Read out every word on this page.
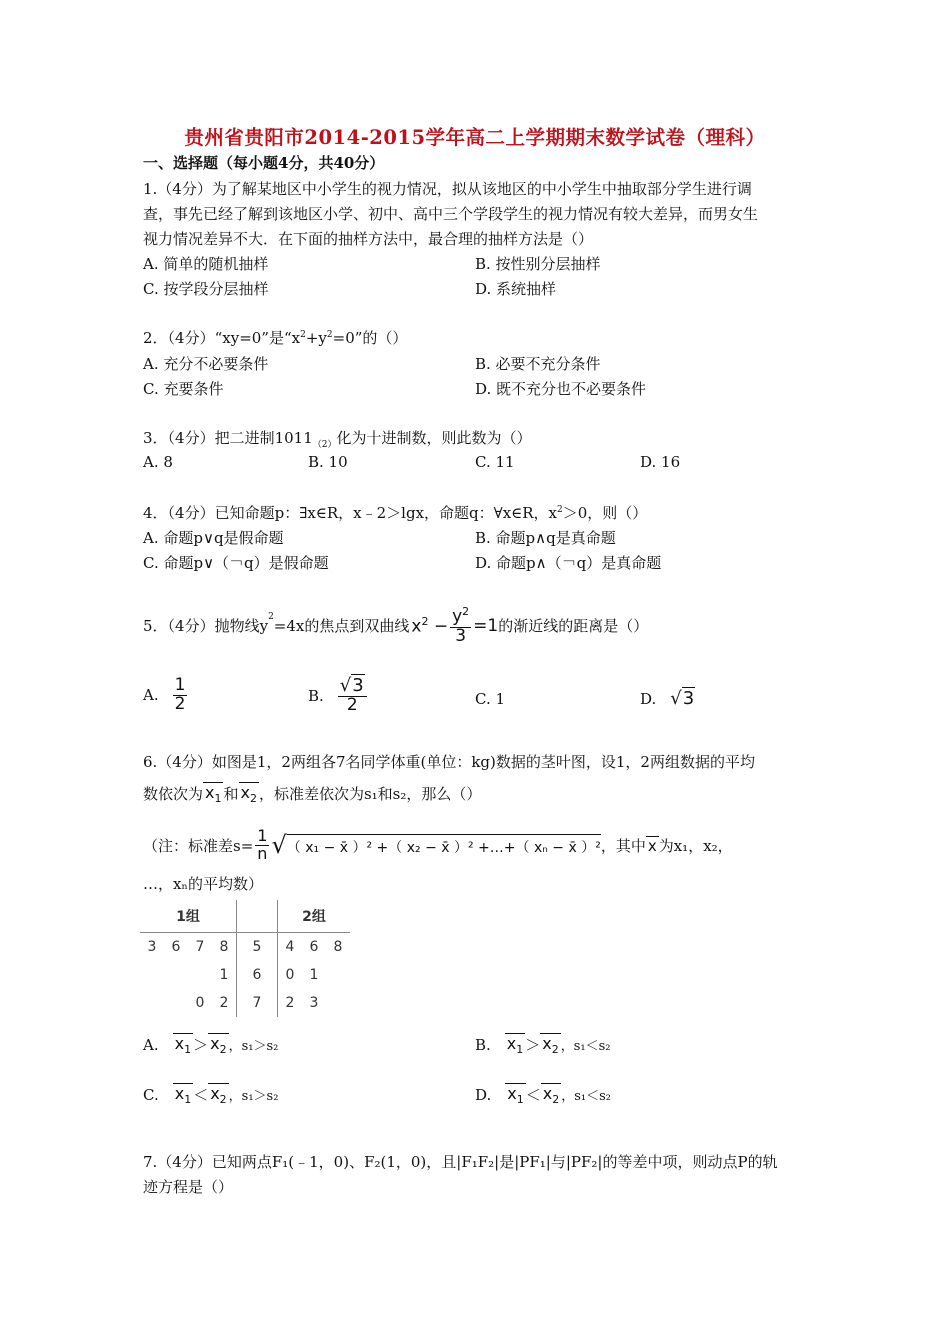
贵州省贵阳市2014-2015学年高二上学期期末数学试卷（理科）
一、选择题（每小题4分，共40分）
1.（4分）为了解某地区中小学生的视力情况，拟从该地区的中小学生中抽取部分学生进行调
查，事先已经了解到该地区小学、初中、高中三个学段学生的视力情况有较大差异，而男女生
视力情况差异不大．在下面的抽样方法中，最合理的抽样方法是（）
A. 简单的随机抽样	B. 按性别分层抽样
C. 按学段分层抽样	D. 系统抽样
2．（4分）“xy=0”是“$x^2+y^2=0$”的（）
A. 充分不必要条件	B. 必要不充分条件
C. 充要条件	D. 既不充分也不必要条件
3．（4分）把二进制$1011_{(2)}$化为十进制数，则此数为（）
A. 8	B. 10	C. 11	D. 16
4．（4分）已知命题p：∃x∈R，x﹣2＞lgx，命题q：∀x∈R，$x^2>0$，则（）
A. 命题p∨q是假命题	B. 命题p∧q是真命题
C. 命题p∨（￢q）是假命题	D. 命题p∧（￢q）是真命题
5．（4分）抛物线y
$^2$
=4x的焦点到双曲线 $x^2 - \frac{y^2}{3} =1$ 的渐近线的距离是（）
A. $\frac{1}{2}$	B. $\frac{√3}{2}$	C. 1	D. √3
6.（4分）如图是1，2两组各7名同学体重(单位：kg)数据的茎叶图，设1，2两组数据的平均
数依次为 $x_1$ 和 $x_2$ ，标准差依次为s₁和s₂，那么（）
（注：标准差$s= \frac{1}{n}$ √ （ x₁ − x̄ ）² +（ x₂ − x̄ ）² +…+（ xₙ − x̄ ）² ，其中 x 为x₁，x₂，
…，xₙ的平均数）
1组					2组		
3	6	7	8	5	4	6	8
			1	6	0	1	
		0	2	7	2	3	
A. $x_1 > x_2$ ，s₁＞s₂	B. $x_1 > x_2$ ，s₁＜s₂
C. $x_1 < x_2$ ，s₁＞s₂	D. $x_1 < x_2$ ，s₁＜s₂
7.（4分）已知两点F₁(﹣1，0)、F₂(1，0)，且|F₁F₂|是|PF₁|与|PF₂|的等差中项，则动点P的轨
迹方程是（）
